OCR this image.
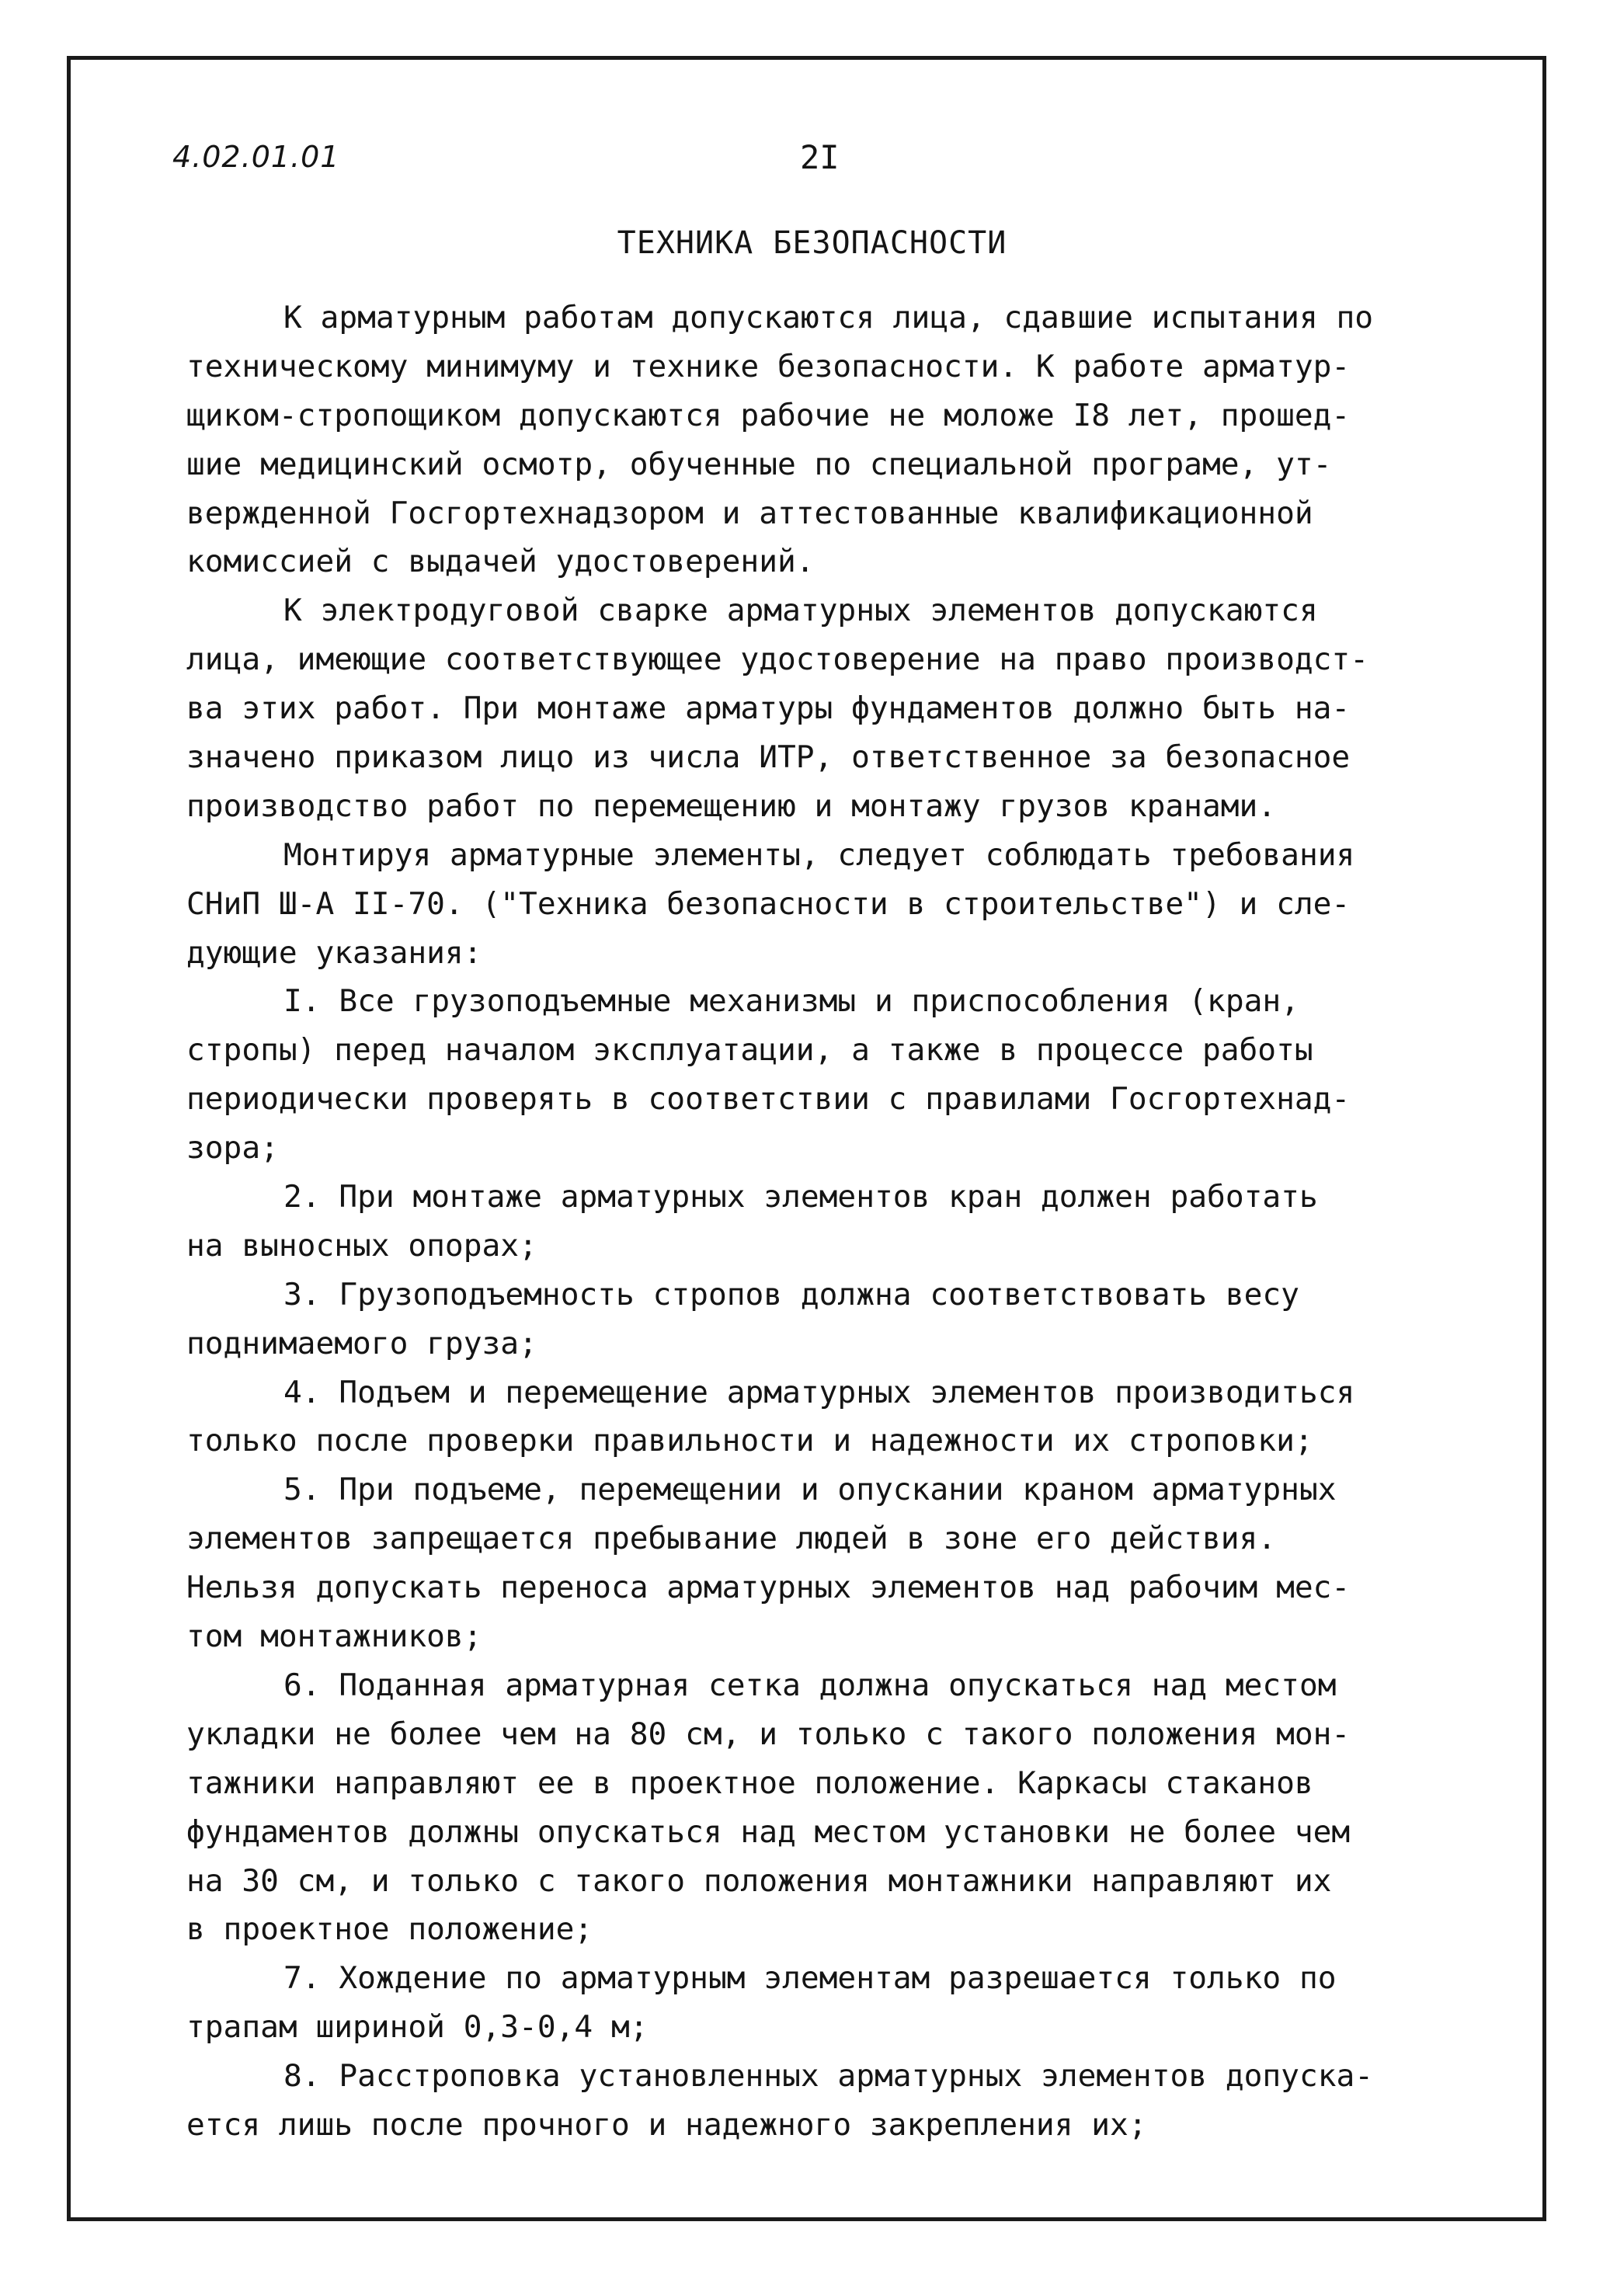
4.02.01.01	2I
ТЕХНИКА БЕЗОПАСНОСТИ
К арматурным работам допускаются лица, сдавшие испытания по
техническому минимуму и технике безопасности. К работе арматур-
щиком-стропощиком допускаются рабочие не моложе I8 лет, прошед-
шие медицинский осмотр, обученные по специальной програме, ут-
вержденной Госгортехнадзором и аттестованные квалификационной
комиссией с выдачей удостоверений.
К электродуговой сварке арматурных элементов допускаются
лица, имеющие соответствующее удостоверение на право производст-
ва этих работ. При монтаже арматуры фундаментов должно быть на-
значено приказом лицо из числа ИТР, ответственное за безопасное
производство работ по перемещению и монтажу грузов кранами.
Монтируя арматурные элементы, следует соблюдать требования
СНиП Ш-А II-70. ("Техника безопасности в строительстве") и сле-
дующие указания:
I. Все грузоподъемные механизмы и приспособления (кран,
стропы) перед началом эксплуатации, а также в процессе работы
периодически проверять в соответствии с правилами Госгортехнад-
зора;
2. При монтаже арматурных элементов кран должен работать
на выносных опорах;
3. Грузоподъемность стропов должна соответствовать весу
поднимаемого груза;
4. Подъем и перемещение арматурных элементов производиться
только после проверки правильности и надежности их строповки;
5. При подъеме, перемещении и опускании краном арматурных
элементов запрещается пребывание людей в зоне его действия.
Нельзя допускать переноса арматурных элементов над рабочим мес-
том монтажников;
6. Поданная арматурная сетка должна опускаться над местом
укладки не более чем на 80 см, и только с такого положения мон-
тажники направляют ее в проектное положение. Каркасы стаканов
фундаментов должны опускаться над местом установки не более чем
на 30 см, и только с такого положения монтажники направляют их
в проектное положение;
7. Хождение по арматурным элементам разрешается только по
трапам шириной 0,3-0,4 м;
8. Расстроповка установленных арматурных элементов допуска-
ется лишь после прочного и надежного закрепления их;
